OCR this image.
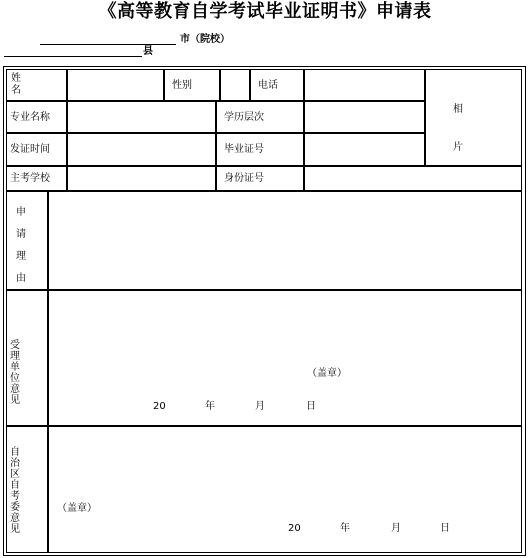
《高等教育自学考试毕业证明书》申请表
市（院校）
县
姓名	性别	电话
相片
专业名称	学历层次
发证时间	毕业证号
主考学校	身份证号
申请理由
受理单位意见
（盖章）
20	年	月	日
自治区自考委意见
（盖章）
20	年	月	日
